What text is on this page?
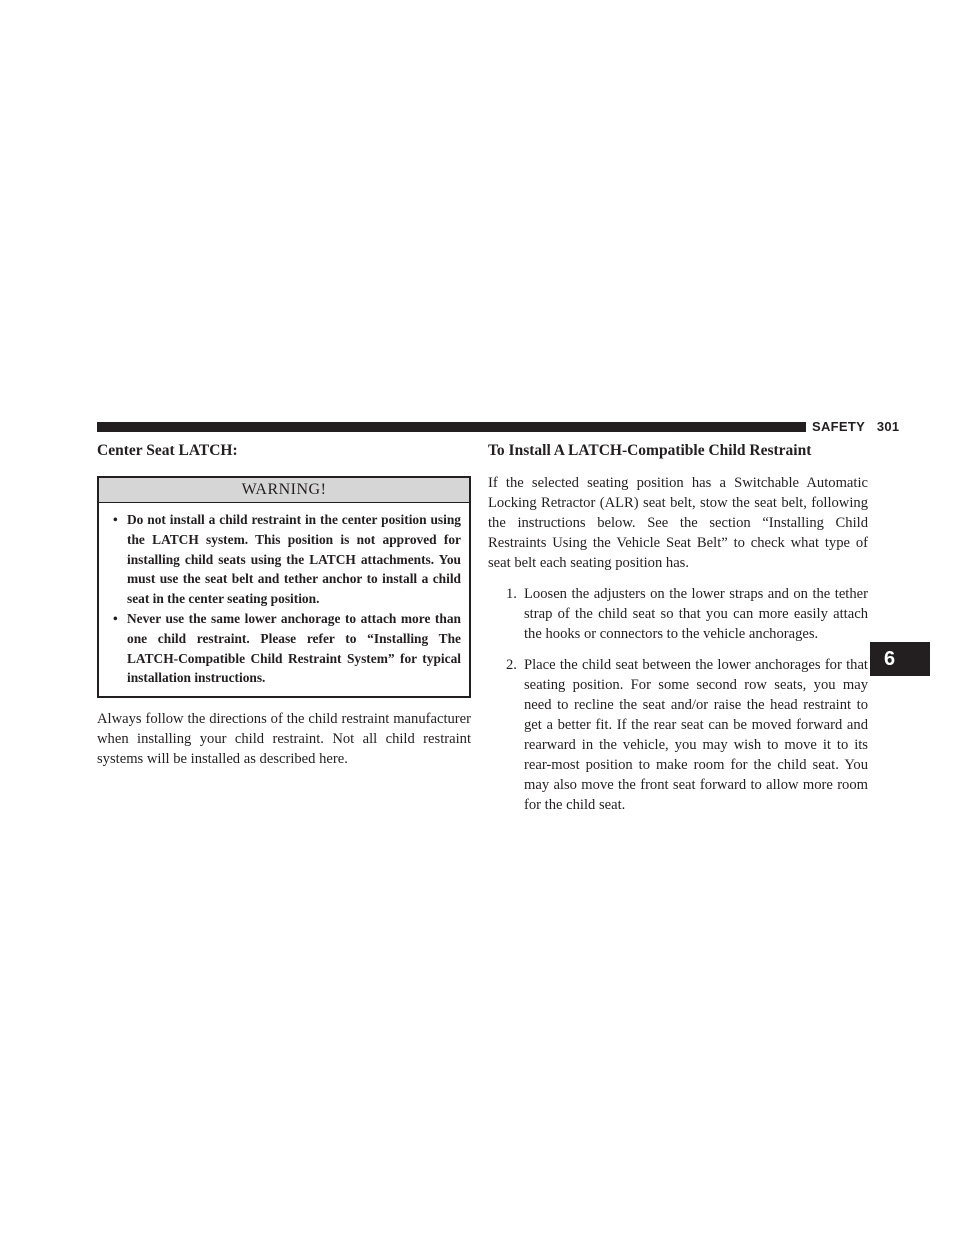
SAFETY 301
6
Center Seat LATCH:
WARNING!
• Do not install a child restraint in the center position using the LATCH system. This position is not approved for installing child seats using the LATCH attachments. You must use the seat belt and tether anchor to install a child seat in the center seating position.
• Never use the same lower anchorage to attach more than one child restraint. Please refer to “Installing The LATCH-Compatible Child Restraint System” for typical installation instructions.

Always follow the directions of the child restraint manufacturer when installing your child restraint. Not all child restraint systems will be installed as described here.

To Install A LATCH-Compatible Child Restraint

If the selected seating position has a Switchable Automatic Locking Retractor (ALR) seat belt, stow the seat belt, following the instructions below. See the section “Installing Child Restraints Using the Vehicle Seat Belt” to check what type of seat belt each seating position has.

1. Loosen the adjusters on the lower straps and on the tether strap of the child seat so that you can more easily attach the hooks or connectors to the vehicle anchorages.
2. Place the child seat between the lower anchorages for that seating position. For some second row seats, you may need to recline the seat and/or raise the head restraint to get a better fit. If the rear seat can be moved forward and rearward in the vehicle, you may wish to move it to its rear-most position to make room for the child seat. You may also move the front seat forward to allow more room for the child seat.
